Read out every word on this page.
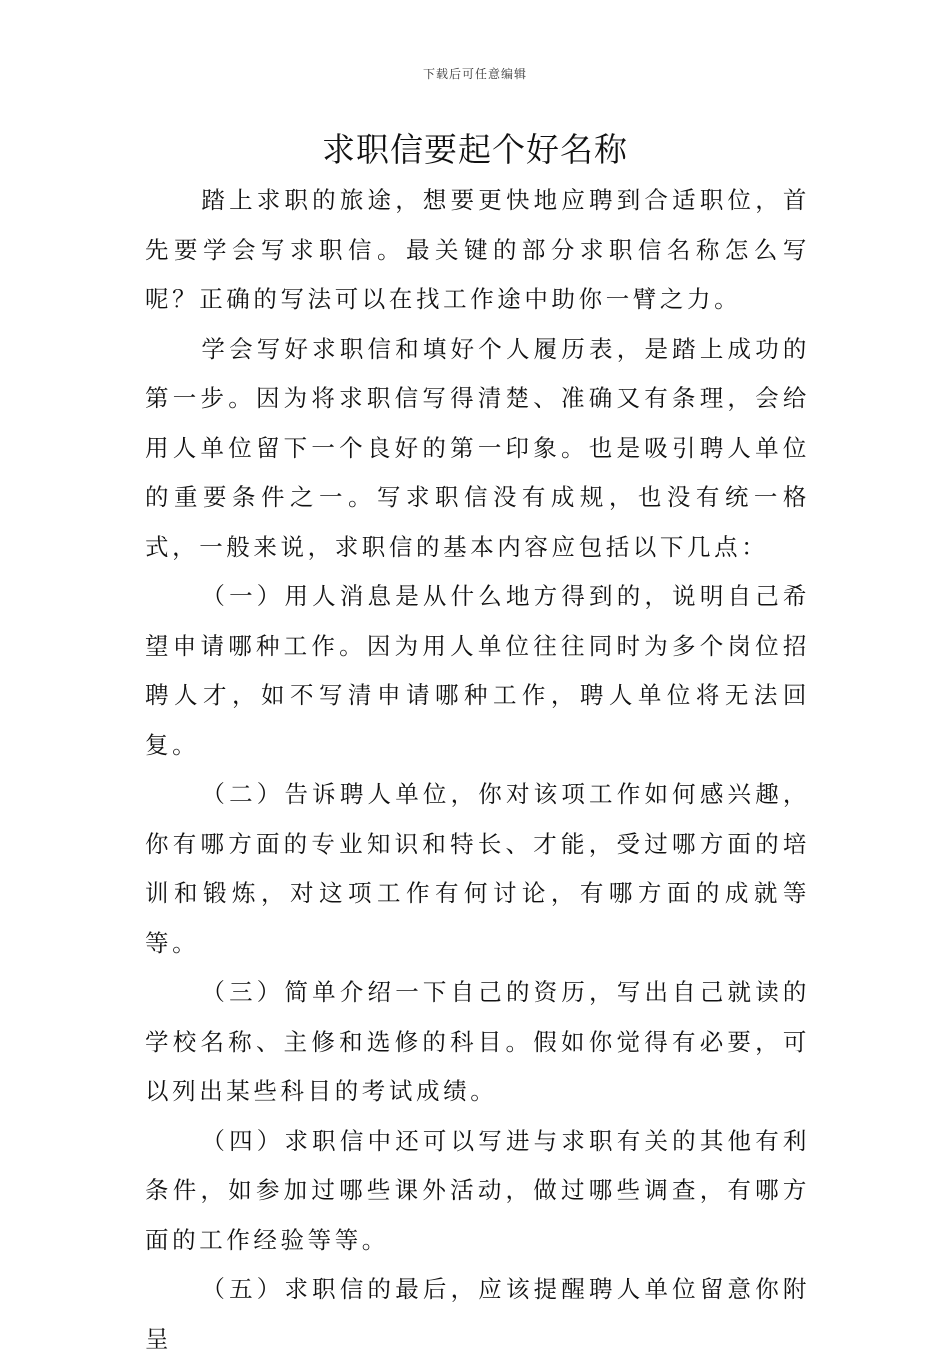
下载后可任意编辑
求职信要起个好名称

踏上求职的旅途，想要更快地应聘到合适职位，首先要学会写求职信。最关键的部分求职信名称怎么写呢？正确的写法可以在找工作途中助你一臂之力。

学会写好求职信和填好个人履历表，是踏上成功的第一步。因为将求职信写得清楚、准确又有条理，会给用人单位留下一个良好的第一印象。也是吸引聘人单位的重要条件之一。写求职信没有成规，也没有统一格式，一般来说，求职信的基本内容应包括以下几点：

（一）用人消息是从什么地方得到的，说明自己希望申请哪种工作。因为用人单位往往同时为多个岗位招聘人才，如不写清申请哪种工作，聘人单位将无法回复。

（二）告诉聘人单位，你对该项工作如何感兴趣，你有哪方面的专业知识和特长、才能，受过哪方面的培训和锻炼，对这项工作有何讨论，有哪方面的成就等等。

（三）简单介绍一下自己的资历，写出自己就读的学校名称、主修和选修的科目。假如你觉得有必要，可以列出某些科目的考试成绩。

（四）求职信中还可以写进与求职有关的其他有利条件，如参加过哪些课外活动，做过哪些调查，有哪方面的工作经验等等。

（五）求职信的最后，应该提醒聘人单位留意你附呈
